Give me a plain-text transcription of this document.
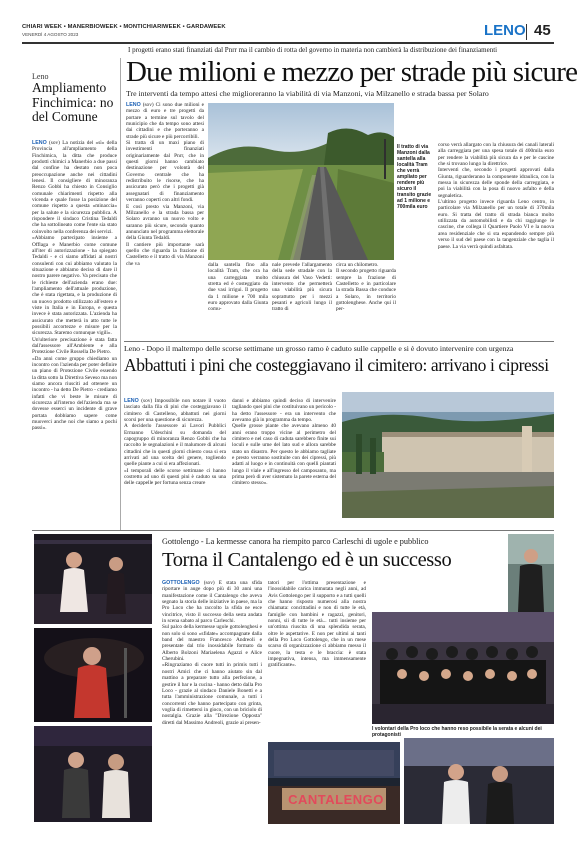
CHIARI WEEK • MANERBIOWEEK • MONTICHIARIWEEK • GARDAWEEK
VENERDÌ 4 AGOSTO 2023	LENO 45
I progetti erano stati finanziati dal Pnrr ma il cambio di rotta del governo in materia non cambierà la distribuzione dei finanziamenti
Due milioni e mezzo per strade più sicure
Tre interventi da tempo attesi che miglioreranno la viabilità di via Manzoni, via Milzanello e strada bassa per Solaro

LENO (sov) Ci sono due milioni e mezzo di euro e tre progetti da portare a termine sul tavolo del municipio che da tempo sono attesi dai cittadini e che porteranno a strade più sicure e più percorribili.
Si tratta di un maxi piano di investimenti finanziati originariamente dal Pnrr, che in questi giorni hanno cambiato destinazione per volontà del Governo centrale che ha redistribuito le risorse, che ha assicurato però che i progetti già assegnatari di finanziamento verranno coperti con altri fondi.
E così presto via Manzoni, via Milzanello e la strada bassa per Solaro avranno un nuovo volto e saranno più sicure, secondo quanto annunciato nel programma elettorale della Giunta Tedaldi.
Il cantiere più importante sarà quello che riguarda la frazione di Castelletto e il tratto di via Manzoni che va	dalla santella fino alla località Tram, che ora ha una carreggiata molto stretta ed è costeggiato da due vasi irrigui. Il progetto da 1 milione e 700 mila euro approvato dalla Giunta comu-

nale prevede l'allargamento della sede stradale con la chiusura del Vaso Vedetti: intervento che permetterà una viabilità più sicura soprattutto per i mezzi pesanti e agricoli lungo il tratto di

circa un chilometro.
Il secondo progetto riguarda sempre la frazione di Castelletto e in particolare la strada Bassa che conduce a Solaro, in territorio gottolenghese. Anche qui il per-

Il tratto di via Manzoni dalla santella alla località Tram che verrà ampliato per rendere più sicuro il transito grazie ad 1 milione e 700mila euro

corso verrà allargato con la chiusura dei canali laterali alla carreggiata per una spesa totale di 400mila euro per rendere la viabilità più sicura da e per le cascine che si trovano lungo la direttrice.
Interventi che, secondo i progetti approvati dalla Giunta, riguarderanno la componente idraulica, con la messa in sicurezza delle sponde della carreggiata, e poi la viabilità con la posa di nuovo asfalto e della segnaletica.
L'ultimo progetto invece riguarda Leno centro, in particolare via Milzanello per un totale di 370mila euro. Si tratta del tratto di strada bianca molto utilizzata da automobilisti e da chi raggiunge le cascine, che collega il Quartiere Paolo VI e la nuova area residenziale che si sta espandendo sempre più verso il sud del paese con la tangenziale che taglia il paese. La via verrà quindi asfaltata.

Leno
Ampliamento Finchimica: no del Comune

LENO (sov) La notizia del «sì» della Provincia all'ampliamento della Finchimica, la ditta che produce prodotti chimici a Manerbio a due passi dal confine ha destato non poca preoccupazione anche nei cittadini lenesi. Il consigliere di minoranza Renzo Gobbi ha chiesto in Consiglio comunale chiarimenti rispetto alla vicenda e quale fosse la posizione del comune rispetto a questa «minaccia» per la salute e la sicurezza pubblica. A rispondere il sindaco Cristina Tedaldi che ha sottolineato come l'ente sia stato coinvolto nella conferenza dei servizi.
«Abbiamo partecipato insieme a Offlaga e Manerbio come comune all'iter di autorizzazione - ha spiegato Tedaldi - e ci siamo affidati ai nostri consulenti con cui abbiamo valutato la situazione e abbiamo deciso di dare il nostro parere negativo. Va precisato che le richieste dell'azienda erano due: l'ampliamento dell'attuale produzione, che è stata rigettata, e la produzione di un nuovo prodotto utilizzato all'estero e viste in Italia e in Europa, e questa invece è stata autorizzata. L'azienda ha assicurato che metterà in atto tutte le possibili accortezze e misure per la sicurezza. Staremo comunque vigili».
Un'ulteriore precisazione è stata fatta dall'assessore all'Ambiente e alla Protezione Civile Rossella De Pietro.
«Da anni come gruppo chiediamo un incontro con l'azienda per poter definire un piano di Protezione Civile essendo la ditta sotto la Direttiva Seveso ma non siamo ancora riusciti ad ottenere un incontro - ha detto De Pietro - crediamo infatti che vi beste le misure di sicurezza all'interno dell'azienda ma se dovesse esserci un incidente di grave portata dobbiamo sapere come muoverci anche noi che siamo a pochi passi».

Leno - Dopo il maltempo delle scorse settimane un grosso ramo è caduto sulle cappelle e si è dovuto intervenire con urgenza
Abbattuti i pini che costeggiavano il cimitero: arrivano i cipressi

LENO (sov) Impossibile non notare il vuoto lasciato dalla fila di pini che costeggiavano il cimitero di Castelleno, abbattuti nei giorni scorsi per una questione di sicurezza.
A deciderlo l'assessore ai Lavori Pubblici Ermanno Udeschini su domanda del capogruppo di minoranza Renzo Gobbi che ha raccolto le segnalazioni e il malumore di alcuni cittadini che in questi giorni chiesto cosa si era arrivati ad una scelta del genere, togliendo quelle piante a cui si era affezionati.
«I temporali delle scorse settimane ci hanno costretto ad uno di questi pini è caduto su una delle cappelle per fortuna senza creare

danni e abbiamo quindi deciso di intervenire tagliando quei pini che costituivano un pericolo - ha detto l'assessore - era un intervento che avevamo già in programma da tempo.
Quelle grosse piante che avevano almeno 40 anni erano troppo vicine al perimetro del cimitero e nel caso di caduta sarebbero finite sui loculi e sulle urne del lato sud e allora sarebbe stato un disastro. Per questo le abbiamo tagliate e presto verranno sostituite con dei cipressi, più adatti al luogo e in continuità con quelli piantati lungo il viale e all'ingresso del camposanto, ma prima però di aver sistemato la parete esterna del cimitero stesso».

Gottolengo - La kermesse canora ha riempito parco Carleschi di ugole e pubblico
Torna il Cantalengo ed è un successo

GOTTOLENGO (sov) È stata una sfida riportare in auge dopo più di 30 anni una manifestazione come il Cantalengo che aveva segnato la storia delle iniziative in paese, ma la Pro Loco che ha raccolto la sfida ne esce vincitrice, visto il successo della sesta andata in scena sabato al parco Carleschi.
Sul palco della kermesse ugole gottolenghesi e non solo si sono «sfidate» accompagnate dalla band del maestro Francesco Andreoli e presentate dal trio inossidabile formato da Alberto Bolzoni Mariaelena Agazzi e Alice Cherubini.
«Ringraziamo di cuore tutti in primis tutti i nostri Amici che ci hanno aiutato sin dal mattino a preparare tutto alla perfezione, a gestire il bar e la cucina - hanno detto dalla Pro Loco - grazie al sindaco Daniele Bonetti e a tutta l'amministrazione comunale, a tutti i concorrenti che hanno partecipato con grinta, voglia di rimettersi in gioco, con un briciolo di nostalgia. Grazie alla "Direzione Opposta" diretti dal Massimo Andreoli, grazie ai presen-

tatori per l'ottima presentazione e l'inossidabile carica immutata negli anni, ad Avis Gottolengo per il supporto e a tutti quelli che hanno risposto numerosi alla nostra chiamata: concittadini e non di tutte le età, famiglie con bambini e ragazzi, genitori, nonni, sii di tutte le età... tutti insieme per un'ottima riuscita di una splendida serata, oltre le aspettative. E non per ultimi ai tanti della Pro Loco Gottolengo, che in un mese scarso di organizzazione ci abbiamo messo il cuore, la testa e le braccia: è stata impegnativa, intensa, ma immensamente gratificante».

I volontari della Pro loco che hanno reso possibile la serata e alcuni dei protagonisti
CANTALENGO
